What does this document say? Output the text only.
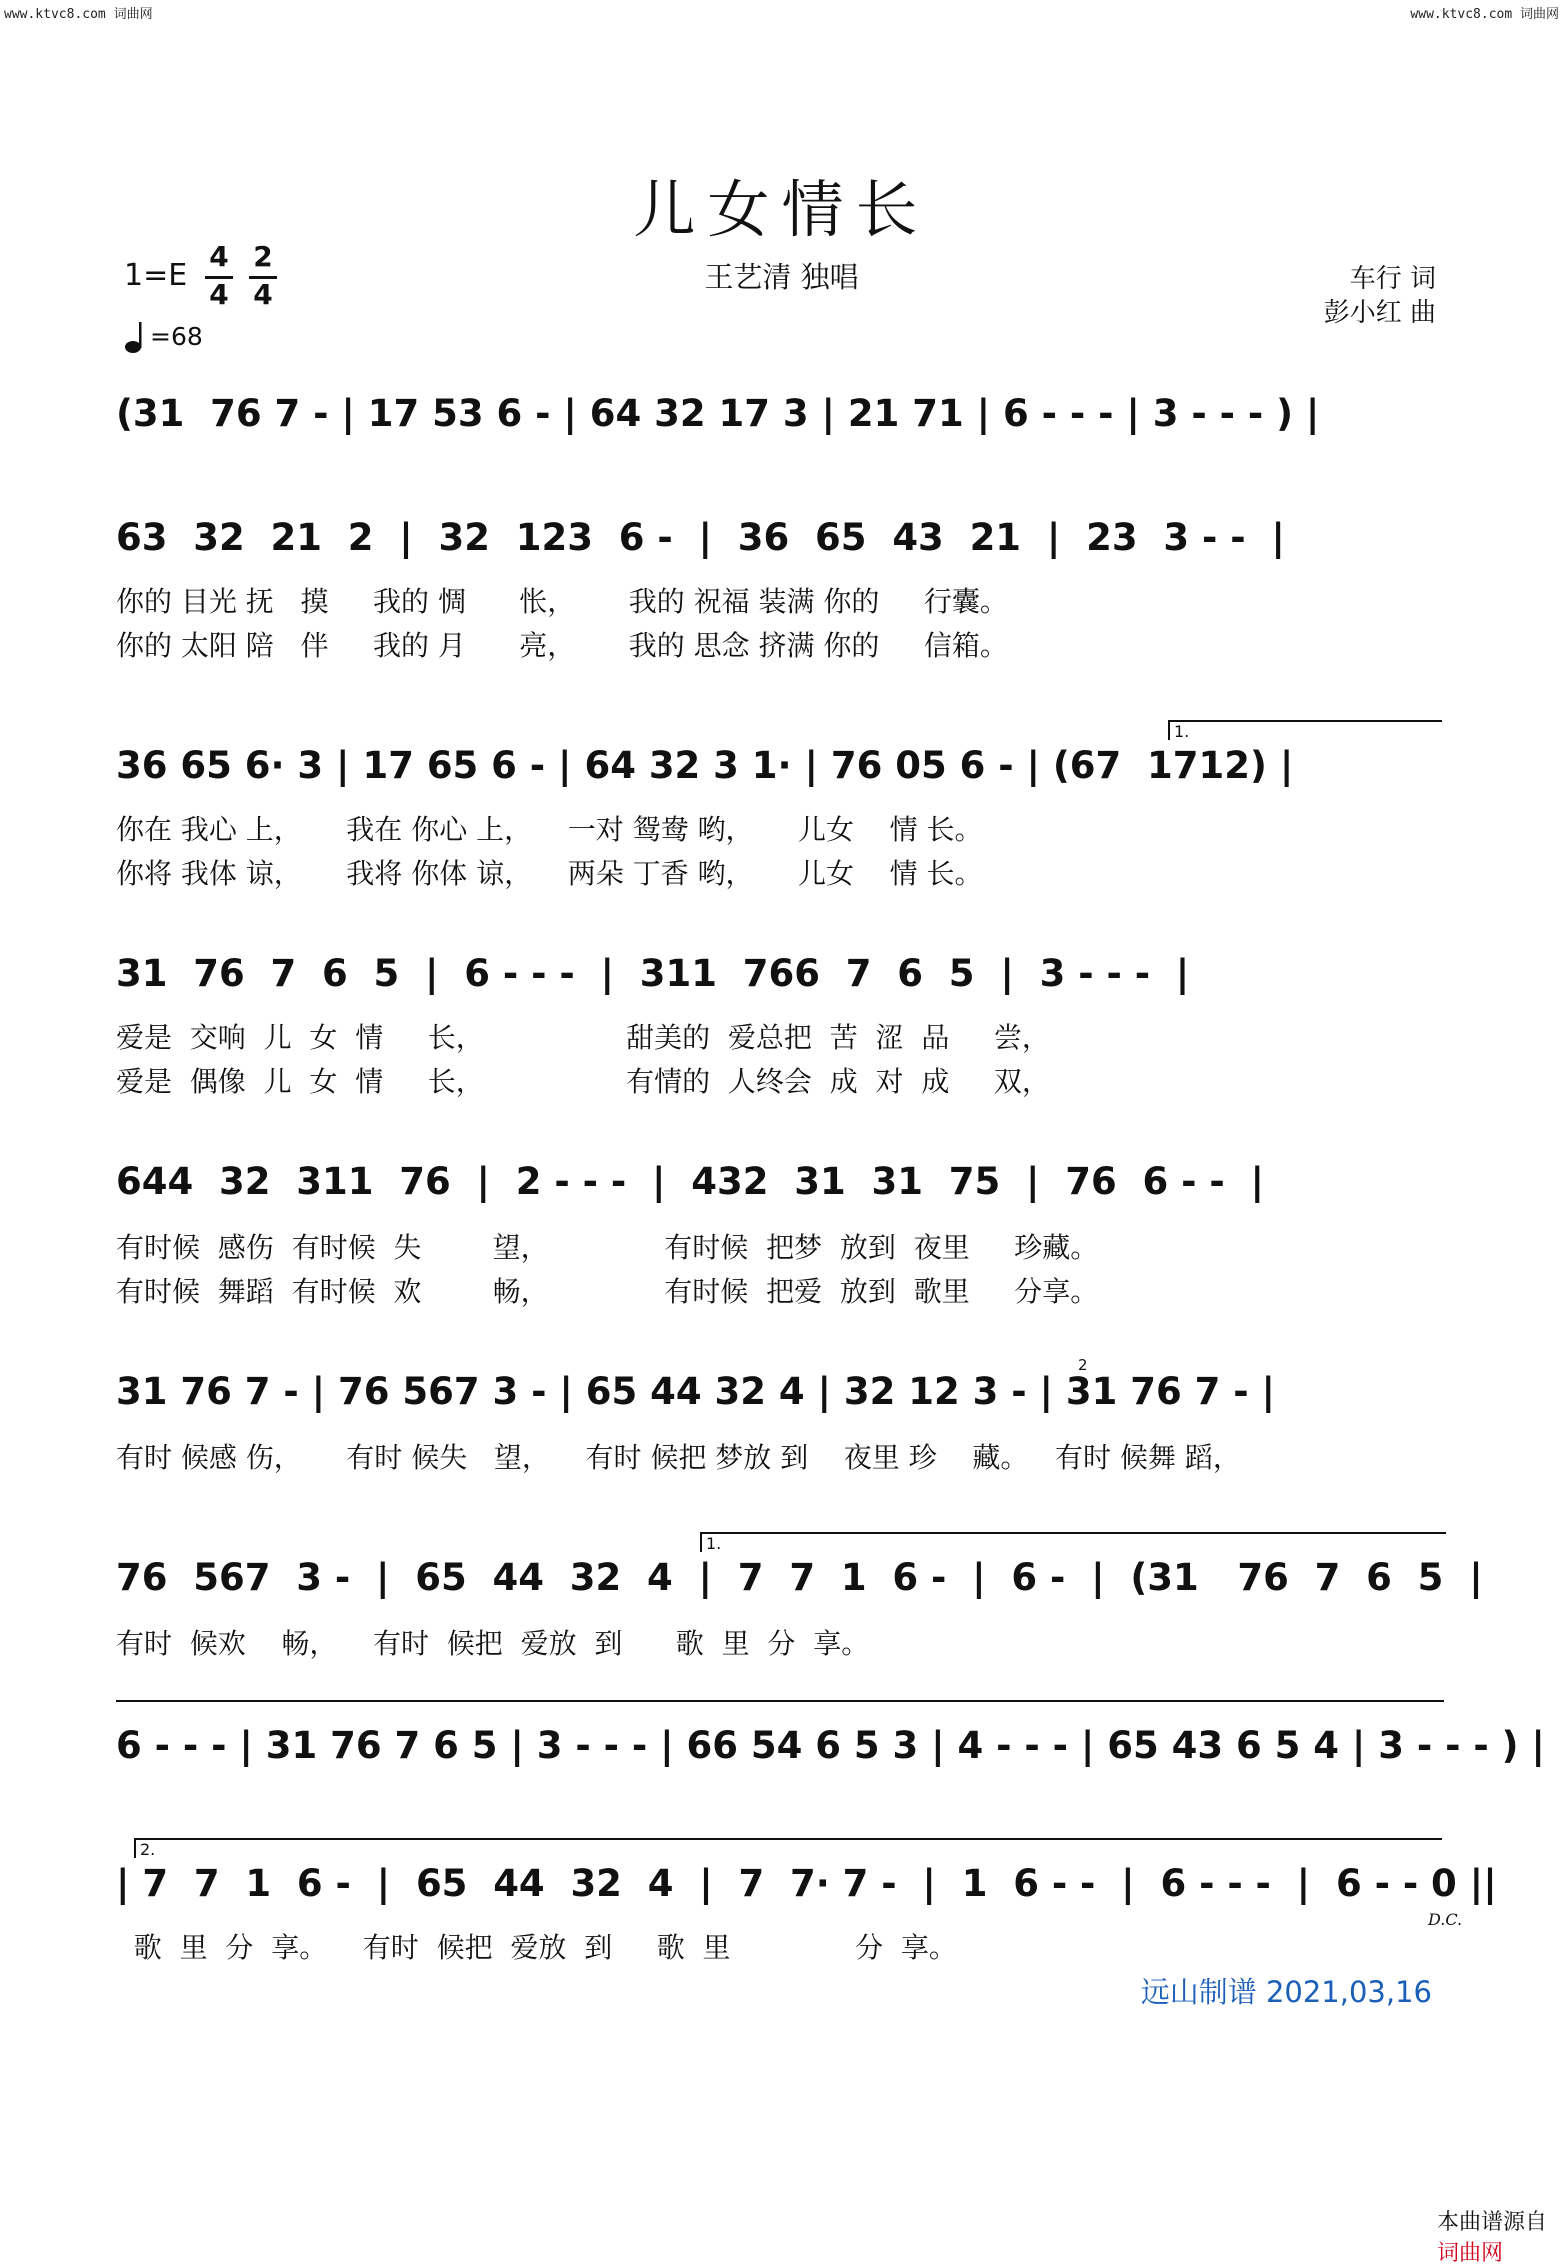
www.ktvc8.com 词曲网	www.ktvc8.com 词曲网
儿女情长
王艺清 独唱
1=E
4
4
2
4
=68
车行 词
彭小红 曲
(31  76 7 - | 17 53 6 - | 64 32 17 3 | 21 71 | 6 - - - | 3 - - - ) |
63  32  21  2  |  32  123  6 -  |  36  65  43  21  |  23  3 - -  |
你的 目光 抚   摸     我的 惆      怅，      我的 祝福 装满 你的     行囊。
你的 太阳 陪   伴     我的 月      亮，      我的 思念 挤满 你的     信箱。
1.
36 65 6· 3 | 17 65 6 - | 64 32 3 1· | 76 05 6 - | (67  1712) |
你在 我心 上，     我在 你心 上，    一对 鸳鸯 哟，     儿女    情 长。
你将 我体 谅，     我将 你体 谅，    两朵 丁香 哟，     儿女    情 长。
31  76  7  6  5  |  6 - - -  |  311  766  7  6  5  |  3 - - -  |
爱是  交响  儿  女  情     长，                甜美的  爱总把  苦  涩  品     尝，
爱是  偶像  儿  女  情     长，                有情的  人终会  成  对  成     双，
644  32  311  76  |  2 - - -  |  432  31  31  75  |  76  6 - -  |
有时候  感伤  有时候  失        望，             有时候  把梦  放到  夜里     珍藏。
有时候  舞蹈  有时候  欢        畅，             有时候  把爱  放到  歌里     分享。
2
31 76 7 - | 76 567 3 - | 65 44 32 4 | 32 12 3 - | 31 76 7 - |
有时 候感 伤，     有时 候失   望，    有时 候把 梦放 到    夜里 珍    藏。   有时 候舞 蹈，
1.
76  567  3 -  |  65  44  32  4  |  7  7  1  6 -  |  6 -  |  (31   76  7  6  5  |
有时  候欢    畅，    有时  候把  爱放  到      歌  里  分  享。
6 - - - | 31 76 7 6 5 | 3 - - - | 66 54 6 5 3 | 4 - - - | 65 43 6 5 4 | 3 - - - ) |
2.
| 7  7  1  6 -  |  65  44  32  4  |  7  7· 7 -  |  1  6 - -  |  6 - - -  |  6 - - 0 ||
D.C.
歌  里  分  享。    有时  候把  爱放  到     歌  里              分  享。
远山制谱 2021,03,16

本曲谱源自
词曲网
